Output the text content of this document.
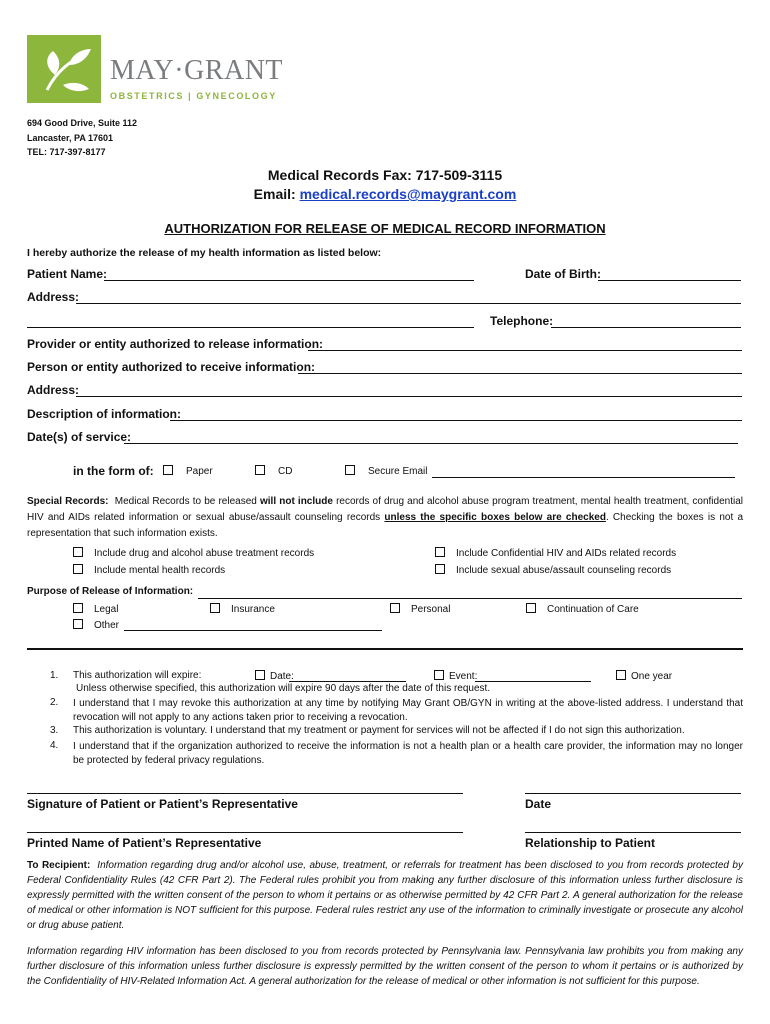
MAY·GRANT
OBSTETRICS | GYNECOLOGY
694 Good Drive, Suite 112
Lancaster, PA 17601
TEL: 717-397-8177
Medical Records Fax: 717-509-3115
Email: medical.records@maygrant.com
AUTHORIZATION FOR RELEASE OF MEDICAL RECORD INFORMATION
I hereby authorize the release of my health information as listed below:
Patient Name:	Date of Birth:
Address:
Telephone:
Provider or entity authorized to release information:
Person or entity authorized to receive information:
Address:
Description of information:
Date(s) of service:
in the form of:	Paper	CD	Secure Email
Special Records: Medical Records to be released will not include records of drug and alcohol abuse program treatment, mental health treatment, confidential HIV and AIDs related information or sexual abuse/assault counseling records unless the specific boxes below are checked. Checking the boxes is not a representation that such information exists.
Include drug and alcohol abuse treatment records
Include mental health records
Include Confidential HIV and AIDs related records
Include sexual abuse/assault counseling records
Purpose of Release of Information:
Legal	Insurance	Personal	Continuation of Care
Other
1. This authorization will expire:	Date:	Event:	One year
Unless otherwise specified, this authorization will expire 90 days after the date of this request.
2. I understand that I may revoke this authorization at any time by notifying May Grant OB/GYN in writing at the above-listed address. I understand that revocation will not apply to any actions taken prior to receiving a revocation.
3. This authorization is voluntary. I understand that my treatment or payment for services will not be affected if I do not sign this authorization.
4. I understand that if the organization authorized to receive the information is not a health plan or a health care provider, the information may no longer be protected by federal privacy regulations.
Signature of Patient or Patient’s Representative	Date
Printed Name of Patient’s Representative	Relationship to Patient
To Recipient: Information regarding drug and/or alcohol use, abuse, treatment, or referrals for treatment has been disclosed to you from records protected by Federal Confidentiality Rules (42 CFR Part 2). The Federal rules prohibit you from making any further disclosure of this information unless further disclosure is expressly permitted with the written consent of the person to whom it pertains or as otherwise permitted by 42 CFR Part 2. A general authorization for the release of medical or other information is NOT sufficient for this purpose. Federal rules restrict any use of the information to criminally investigate or prosecute any alcohol or drug abuse patient.
Information regarding HIV information has been disclosed to you from records protected by Pennsylvania law. Pennsylvania law prohibits you from making any further disclosure of this information unless further disclosure is expressly permitted by the written consent of the person to whom it pertains or is authorized by the Confidentiality of HIV-Related Information Act. A general authorization for the release of medical or other information is not sufficient for this purpose.
